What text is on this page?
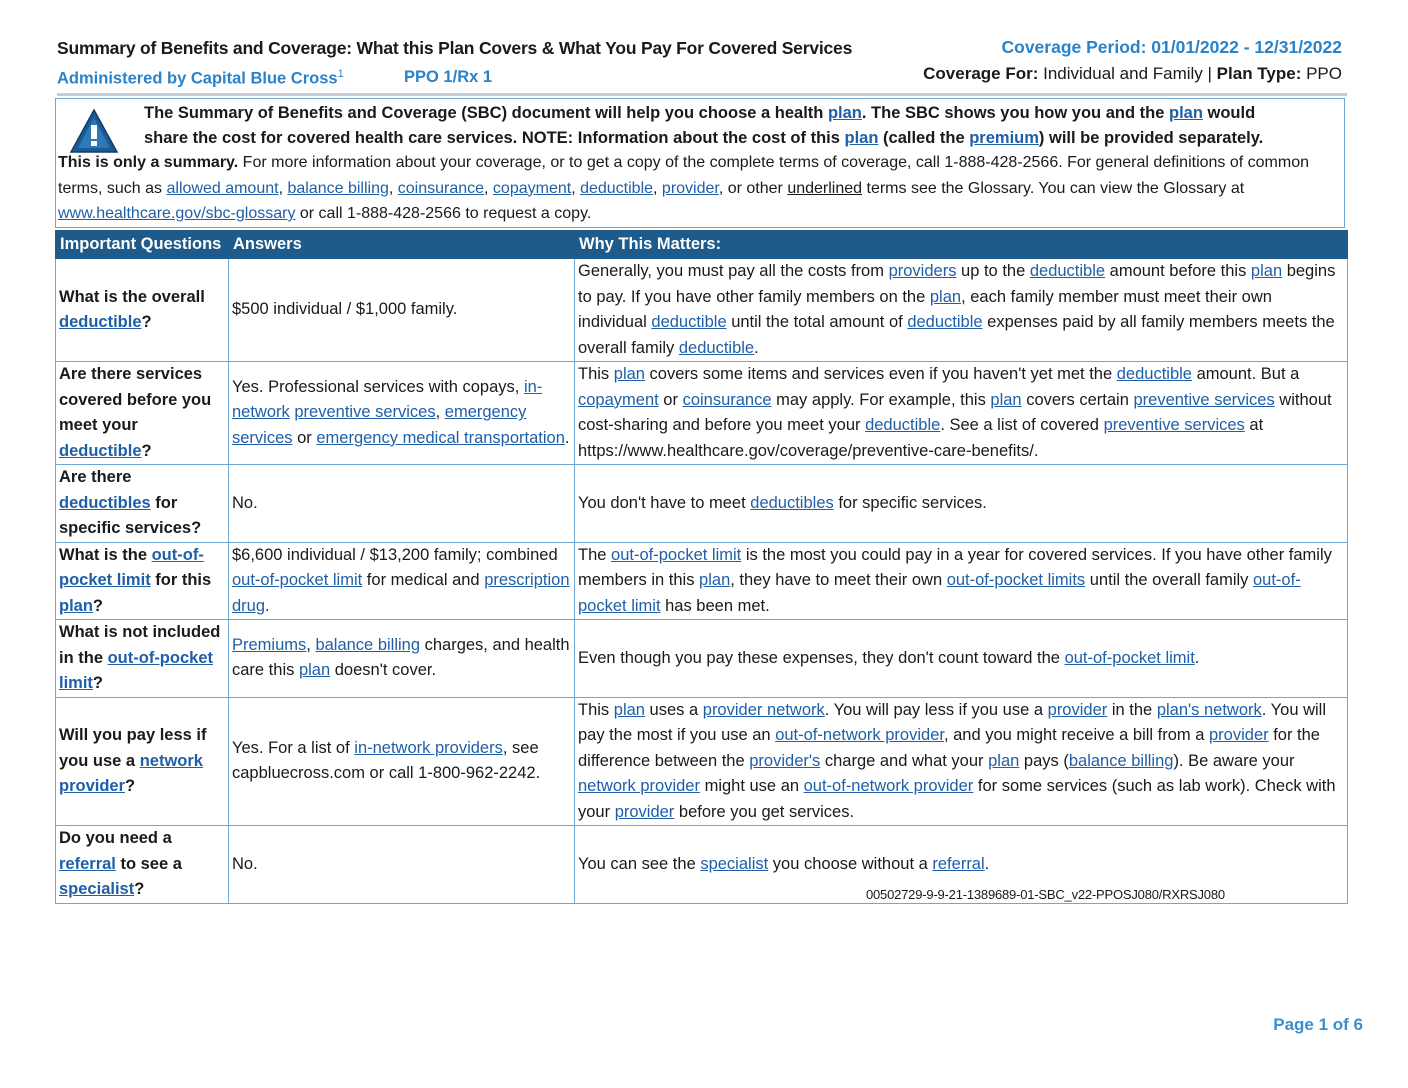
Summary of Benefits and Coverage: What this Plan Covers & What You Pay For Covered Services
Administered by Capital Blue Cross$^1$	PPO 1/Rx 1
Coverage Period: 01/01/2022 - 12/31/2022
Coverage For: Individual and Family | Plan Type: PPO
The Summary of Benefits and Coverage (SBC) document will help you choose a health plan. The SBC shows you how you and the plan would
share the cost for covered health care services. NOTE: Information about the cost of this plan (called the premium) will be provided separately.
This is only a summary. For more information about your coverage, or to get a copy of the complete terms of coverage, call 1-888-428-2566. For general definitions of common terms, such as allowed amount, balance billing, coinsurance, copayment, deductible, provider, or other underlined terms see the Glossary. You can view the Glossary at www.healthcare.gov/sbc-glossary or call 1-888-428-2566 to request a copy.
Important Questions	Answers	Why This Matters:
What is the overall deductible?	$500 individual / $1,000 family.	Generally, you must pay all the costs from providers up to the deductible amount before this plan begins to pay. If you have other family members on the plan, each family member must meet their own individual deductible until the total amount of deductible expenses paid by all family members meets the overall family deductible.
Are there services covered before you meet your deductible?	Yes. Professional services with copays, in-network preventive services, emergency services or emergency medical transportation.	This plan covers some items and services even if you haven't yet met the deductible amount. But a copayment or coinsurance may apply. For example, this plan covers certain preventive services without cost-sharing and before you meet your deductible. See a list of covered preventive services at https://www.healthcare.gov/coverage/preventive-care-benefits/.
Are there deductibles for specific services?	No.	You don't have to meet deductibles for specific services.
What is the out-of-pocket limit for this plan?	$6,600 individual / $13,200 family; combined out-of-pocket limit for medical and prescription drug.	The out-of-pocket limit is the most you could pay in a year for covered services. If you have other family members in this plan, they have to meet their own out-of-pocket limits until the overall family out-of-pocket limit has been met.
What is not included in the out-of-pocket limit?	Premiums, balance billing charges, and health care this plan doesn't cover.	Even though you pay these expenses, they don't count toward the out-of-pocket limit.
Will you pay less if you use a network provider?	Yes. For a list of in-network providers, see capbluecross.com or call 1-800-962-2242.	This plan uses a provider network. You will pay less if you use a provider in the plan's network. You will pay the most if you use an out-of-network provider, and you might receive a bill from a provider for the difference between the provider's charge and what your plan pays (balance billing). Be aware your network provider might use an out-of-network provider for some services (such as lab work). Check with your provider before you get services.
Do you need a referral to see a specialist?	No.	You can see the specialist you choose without a referral.
00502729-9-9-21-1389689-01-SBC_v22-PPOSJ080/RXRSJ080
Page 1 of 6
